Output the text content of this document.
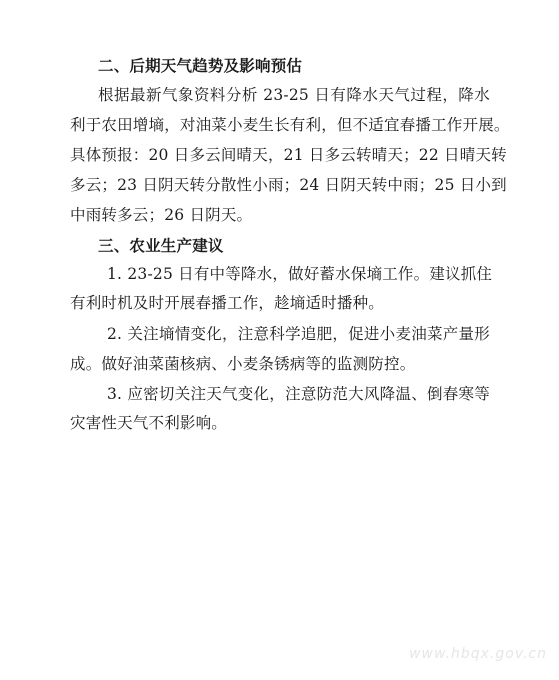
二、后期天气趋势及影响预估
根据最新气象资料分析 23-25 日有降水天气过程，降水
利于农田增墒，对油菜小麦生长有利，但不适宜春播工作开展。
具体预报：20 日多云间晴天，21 日多云转晴天；22 日晴天转
多云；23 日阴天转分散性小雨；24 日阴天转中雨；25 日小到
中雨转多云；26 日阴天。
三、农业生产建议
1. 23-25 日有中等降水，做好蓄水保墒工作。建议抓住
有利时机及时开展春播工作，趁墒适时播种。
2. 关注墒情变化，注意科学追肥，促进小麦油菜产量形
成。做好油菜菌核病、小麦条锈病等的监测防控。
3. 应密切关注天气变化，注意防范大风降温、倒春寒等
灾害性天气不利影响。
www.hbqx.gov.cn
